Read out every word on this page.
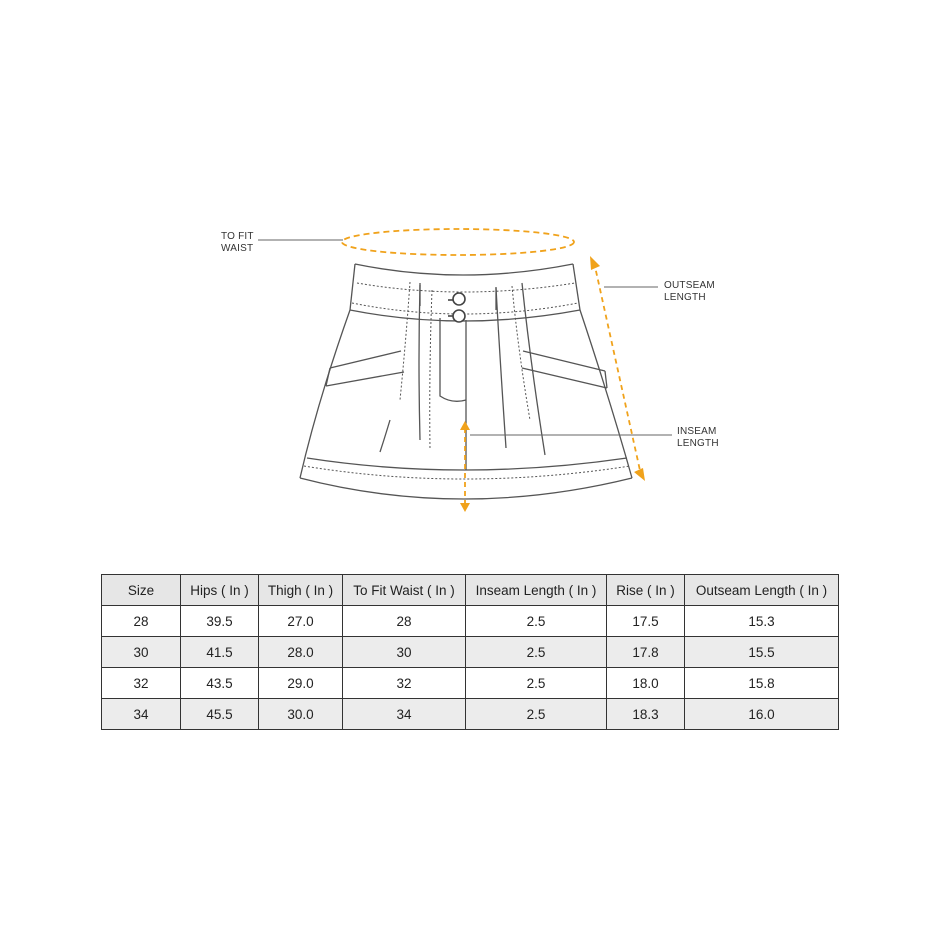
TO FIT
WAIST
OUTSEAM
LENGTH
INSEAM
LENGTH
Size	Hips ( In )	Thigh ( In )	To Fit Waist ( In )	Inseam Length ( In )	Rise ( In )	Outseam Length ( In )
28	39.5	27.0	28	2.5	17.5	15.3
30	41.5	28.0	30	2.5	17.8	15.5
32	43.5	29.0	32	2.5	18.0	15.8
34	45.5	30.0	34	2.5	18.3	16.0
